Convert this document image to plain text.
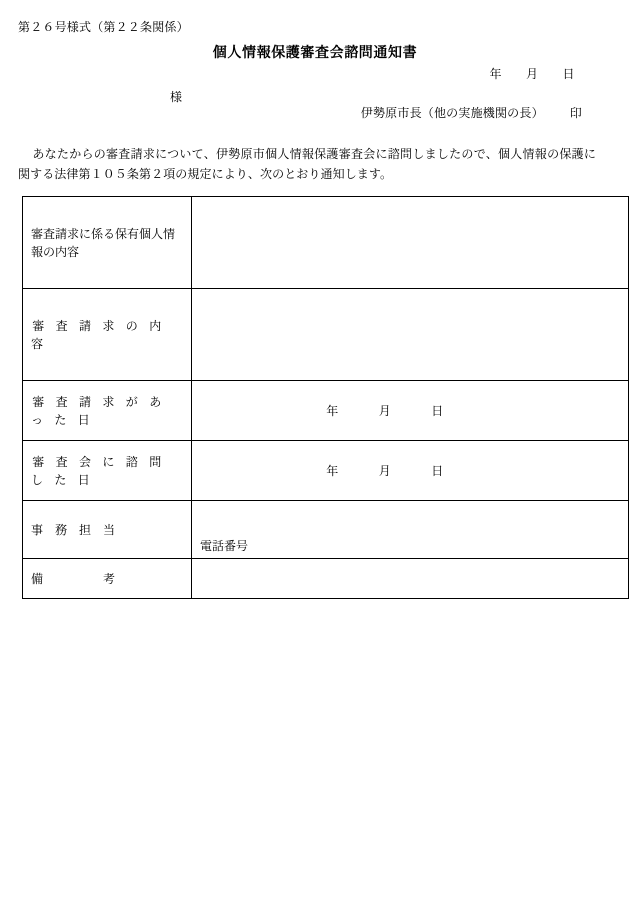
第２６号様式（第２２条関係）
個人情報保護審査会諮問通知書
年 月 日
様
伊勢原市長（他の実施機関の長） 印
あなたからの審査請求について、伊勢原市個人情報保護審査会に諮問しましたので、個人情報の保護に関する法律第１０５条第２項の規定により、次のとおり通知します。
審査請求に係る保有個人情報の内容	
審 査 請 求 の 内 容	
審 査 請 求 が あ っ た 日	年 月 日

審 査 会 に 諮 問 し た 日	年 月 日

事　務　担　当	電話番号

備　　　　　考	
